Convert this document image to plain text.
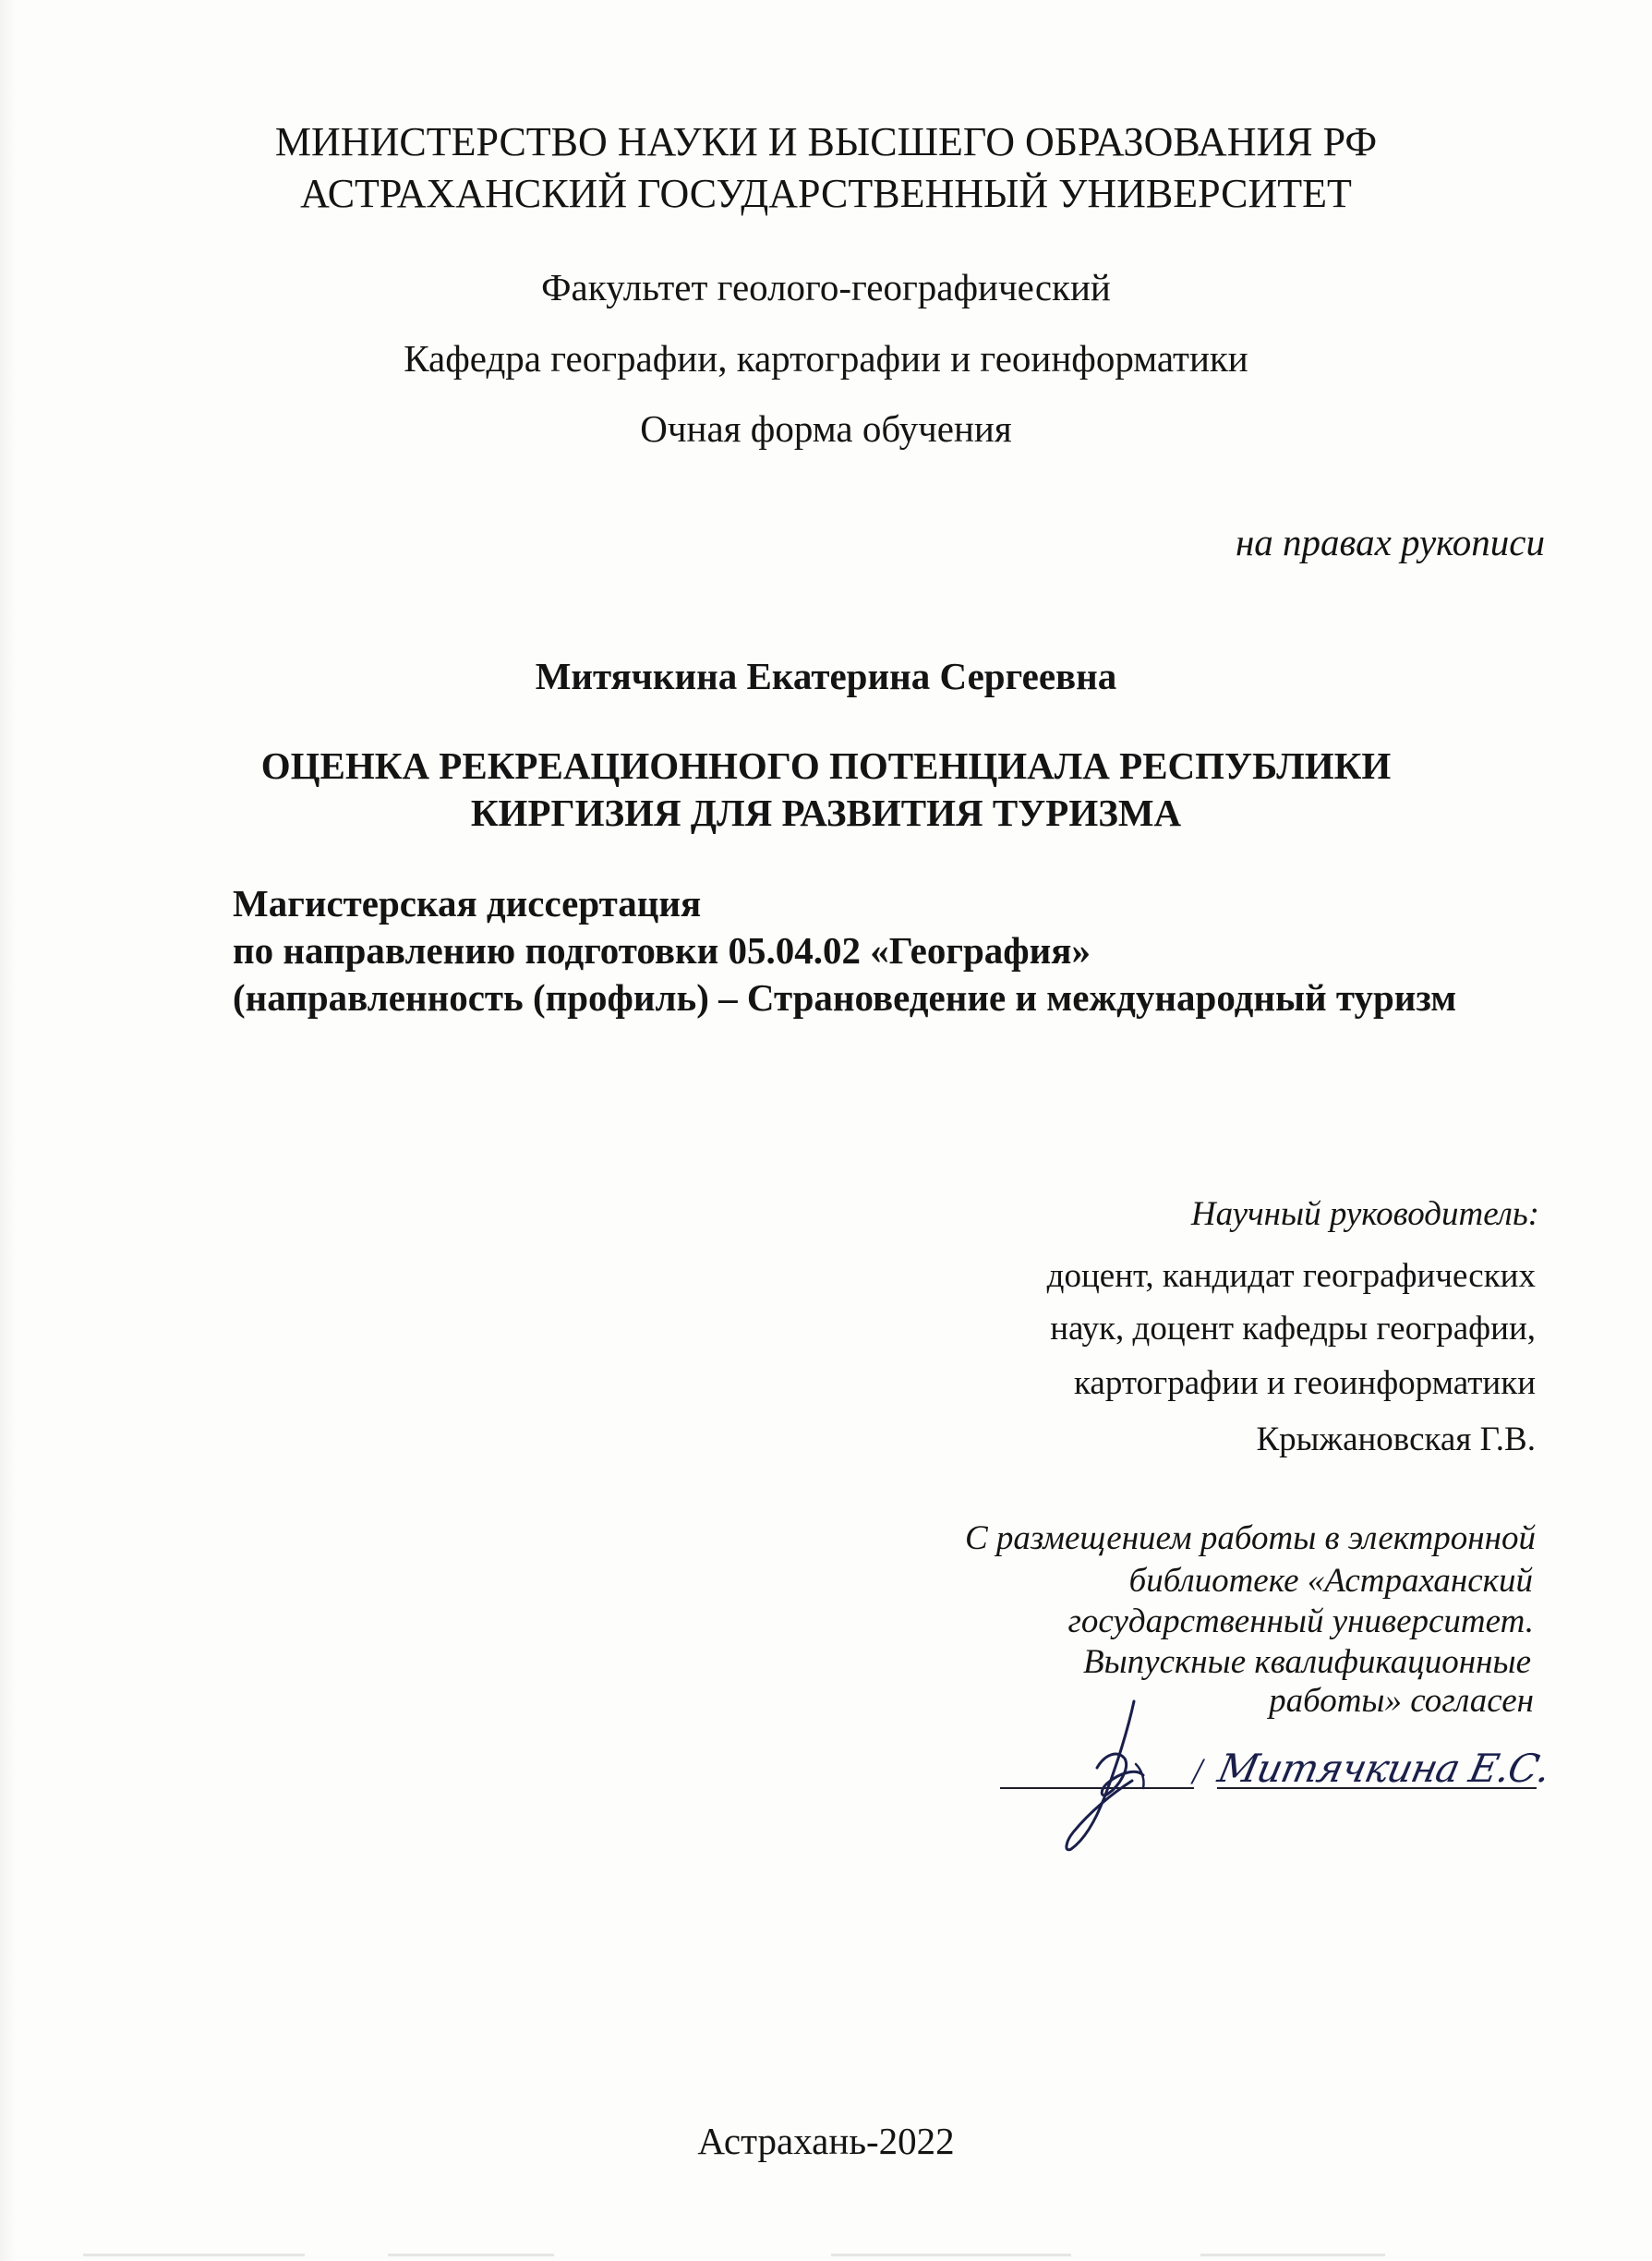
МИНИСТЕРСТВО НАУКИ И ВЫСШЕГО ОБРАЗОВАНИЯ РФ
АСТРАХАНСКИЙ ГОСУДАРСТВЕННЫЙ УНИВЕРСИТЕТ
Факультет геолого-географический
Кафедра географии, картографии и геоинформатики
Очная форма обучения
на правах рукописи
Митячкина Екатерина Сергеевна
ОЦЕНКА РЕКРЕАЦИОННОГО ПОТЕНЦИАЛА РЕСПУБЛИКИ
КИРГИЗИЯ ДЛЯ РАЗВИТИЯ ТУРИЗМА
Магистерская диссертация
по направлению подготовки 05.04.02 «География»
(направленность (профиль) – Страноведение и международный туризм
Научный руководитель:
доцент, кандидат географических
наук, доцент кафедры географии,
картографии и геоинформатики
Крыжановская Г.В.
С размещением работы в электронной
библиотеке «Астраханский
государственный университет.
Выпускные квалификационные
работы» согласен
/ Митячкина Е.С.
Астрахань-2022
